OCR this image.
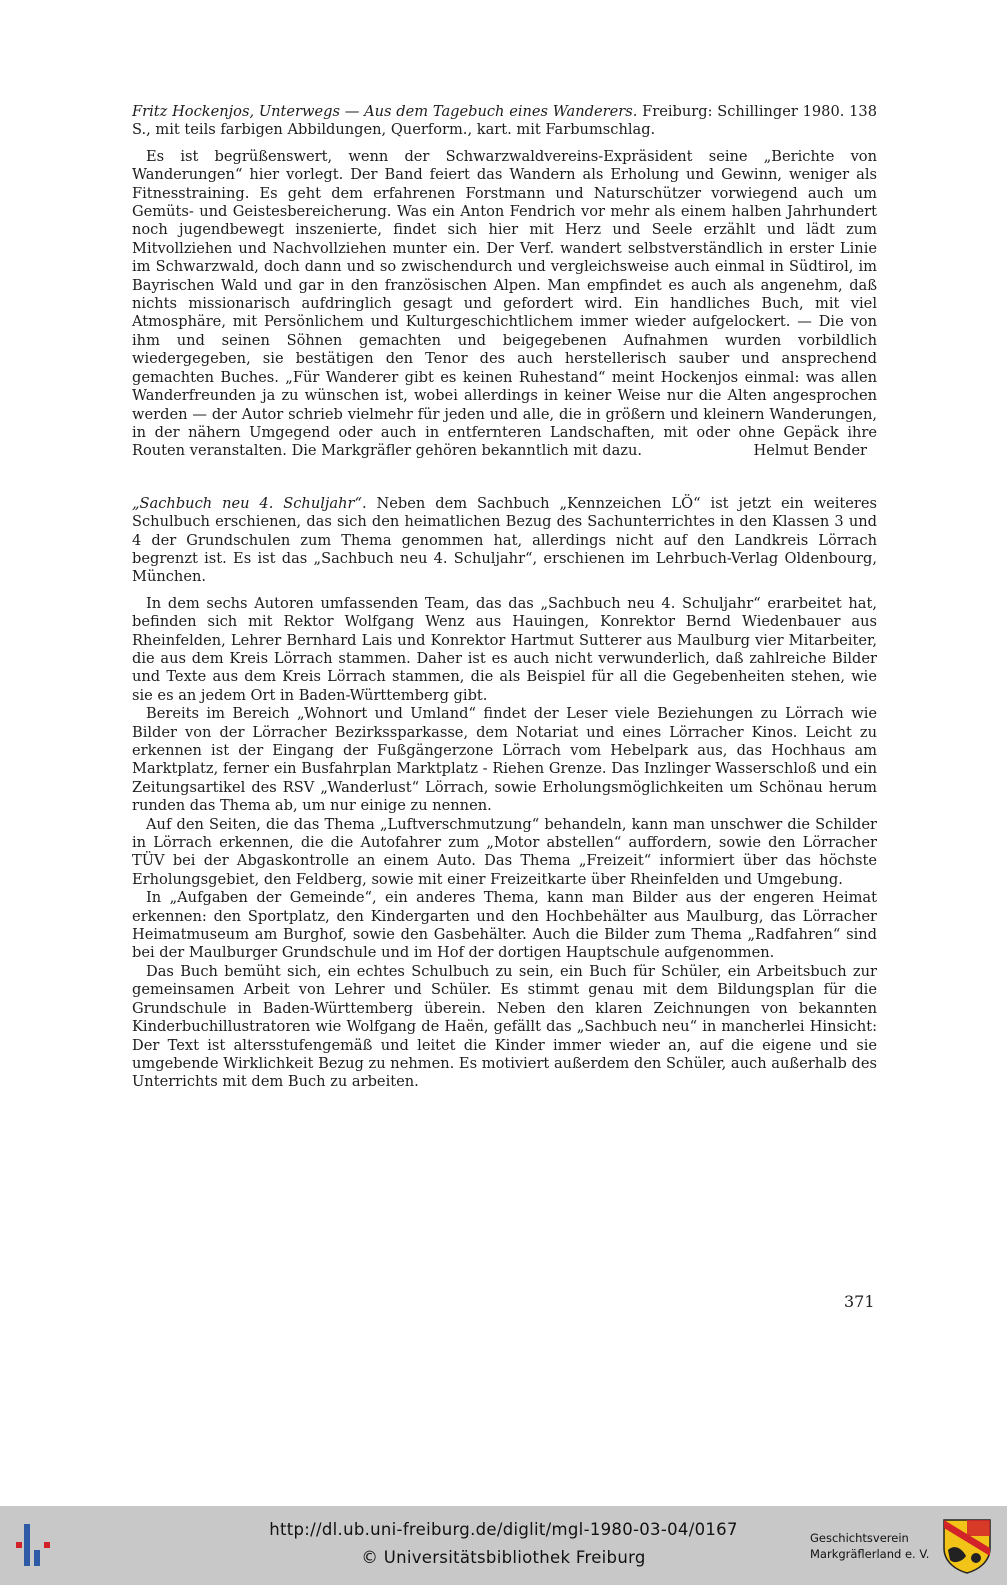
Fritz Hockenjos, Unterwegs — Aus dem Tagebuch eines Wanderers. Freiburg: Schillinger 1980. 138 S., mit teils farbigen Abbildungen, Querform., kart. mit Farbumschlag.

Es ist begrüßenswert, wenn der Schwarzwaldvereins-Expräsident seine „Berichte von Wanderungen“ hier vorlegt. Der Band feiert das Wandern als Erholung und Gewinn, weniger als Fitnesstraining. Es geht dem erfahrenen Forstmann und Naturschützer vorwiegend auch um Gemüts- und Geistesbereicherung. Was ein Anton Fendrich vor mehr als einem halben Jahrhundert noch jugendbewegt inszenierte, findet sich hier mit Herz und Seele erzählt und lädt zum Mitvollziehen und Nachvollziehen munter ein. Der Verf. wandert selbstverständlich in erster Linie im Schwarzwald, doch dann und so zwischendurch und vergleichsweise auch einmal in Südtirol, im Bayrischen Wald und gar in den französischen Alpen. Man empfindet es auch als angenehm, daß nichts missionarisch aufdringlich gesagt und gefordert wird. Ein handliches Buch, mit viel Atmosphäre, mit Persönlichem und Kulturgeschichtlichem immer wieder aufgelockert. — Die von ihm und seinen Söhnen gemachten und beigegebenen Aufnahmen wurden vorbildlich wiedergegeben, sie bestätigen den Tenor des auch herstellerisch sauber und ansprechend gemachten Buches. „Für Wanderer gibt es keinen Ruhestand“ meint Hockenjos einmal: was allen Wanderfreunden ja zu wünschen ist, wobei allerdings in keiner Weise nur die Alten angesprochen werden — der Autor schrieb vielmehr für jeden und alle, die in größern und kleinern Wanderungen, in der nähern Umgegend oder auch in entfernteren Landschaften, mit oder ohne Gepäck ihre Routen veranstalten. Die Markgräfler gehören bekanntlich mit dazu.	Helmut Bender

„Sachbuch neu 4. Schuljahr“. Neben dem Sachbuch „Kennzeichen LÖ“ ist jetzt ein weiteres Schulbuch erschienen, das sich den heimatlichen Bezug des Sachunterrichtes in den Klassen 3 und 4 der Grundschulen zum Thema genommen hat, allerdings nicht auf den Landkreis Lörrach begrenzt ist. Es ist das „Sachbuch neu 4. Schuljahr“, erschienen im Lehrbuch-Verlag Oldenbourg, München.

In dem sechs Autoren umfassenden Team, das das „Sachbuch neu 4. Schuljahr“ erarbeitet hat, befinden sich mit Rektor Wolfgang Wenz aus Hauingen, Konrektor Bernd Wiedenbauer aus Rheinfelden, Lehrer Bernhard Lais und Konrektor Hartmut Sutterer aus Maulburg vier Mitarbeiter, die aus dem Kreis Lörrach stammen. Daher ist es auch nicht verwunderlich, daß zahlreiche Bilder und Texte aus dem Kreis Lörrach stammen, die als Beispiel für all die Gegebenheiten stehen, wie sie es an jedem Ort in Baden-Württemberg gibt.

Bereits im Bereich „Wohnort und Umland“ findet der Leser viele Beziehungen zu Lörrach wie Bilder von der Lörracher Bezirkssparkasse, dem Notariat und eines Lörracher Kinos. Leicht zu erkennen ist der Eingang der Fußgängerzone Lörrach vom Hebelpark aus, das Hochhaus am Marktplatz, ferner ein Busfahrplan Marktplatz - Riehen Grenze. Das Inzlinger Wasserschloß und ein Zeitungsartikel des RSV „Wanderlust“ Lörrach, sowie Erholungsmöglichkeiten um Schönau herum runden das Thema ab, um nur einige zu nennen.

Auf den Seiten, die das Thema „Luftverschmutzung“ behandeln, kann man unschwer die Schilder in Lörrach erkennen, die die Autofahrer zum „Motor abstellen“ auffordern, sowie den Lörracher TÜV bei der Abgaskontrolle an einem Auto. Das Thema „Freizeit“ informiert über das höchste Erholungsgebiet, den Feldberg, sowie mit einer Freizeitkarte über Rheinfelden und Umgebung.

In „Aufgaben der Gemeinde“, ein anderes Thema, kann man Bilder aus der engeren Heimat erkennen: den Sportplatz, den Kindergarten und den Hochbehälter aus Maulburg, das Lörracher Heimatmuseum am Burghof, sowie den Gasbehälter. Auch die Bilder zum Thema „Radfahren“ sind bei der Maulburger Grundschule und im Hof der dortigen Hauptschule aufgenommen.

Das Buch bemüht sich, ein echtes Schulbuch zu sein, ein Buch für Schüler, ein Arbeitsbuch zur gemeinsamen Arbeit von Lehrer und Schüler. Es stimmt genau mit dem Bildungsplan für die Grundschule in Baden-Württemberg überein. Neben den klaren Zeichnungen von bekannten Kinderbuchillustratoren wie Wolfgang de Haën, gefällt das „Sachbuch neu“ in mancherlei Hinsicht: Der Text ist altersstufengemäß und leitet die Kinder immer wieder an, auf die eigene und sie umgebende Wirklichkeit Bezug zu nehmen. Es motiviert außerdem den Schüler, auch außerhalb des Unterrichts mit dem Buch zu arbeiten.

371
http://dl.ub.uni-freiburg.de/diglit/mgl-1980-03-04/0167
© Universitätsbibliothek Freiburg
Geschichtsverein
Markgräflerland e. V.
